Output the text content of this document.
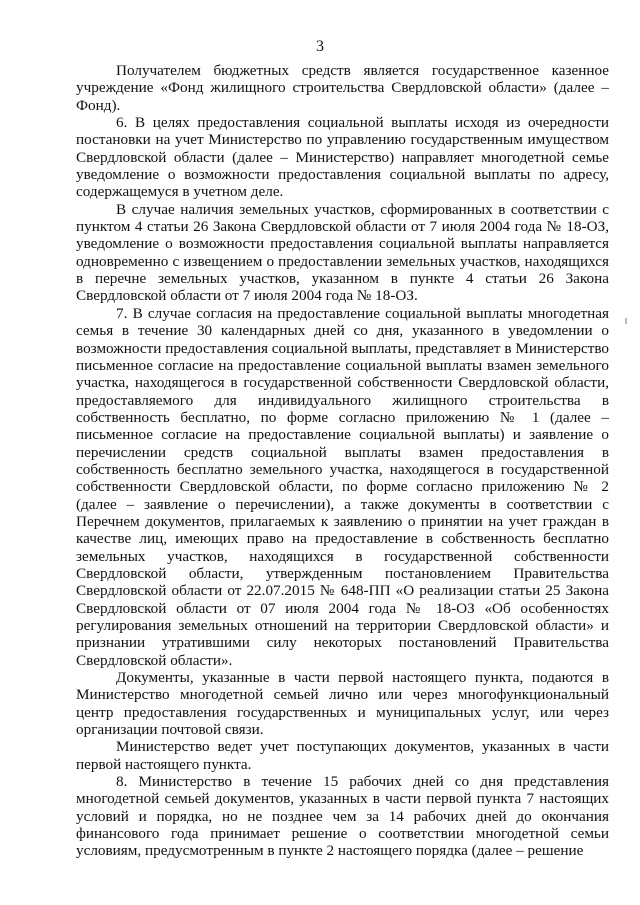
3

Получателем бюджетных средств является государственное казенное учреждение «Фонд жилищного строительства Свердловской области» (далее – Фонд).

6. В целях предоставления социальной выплаты исходя из очередности постановки на учет Министерство по управлению государственным имуществом Свердловской области (далее – Министерство) направляет многодетной семье уведомление о возможности предоставления социальной выплаты по адресу, содержащемуся в учетном деле.

В случае наличия земельных участков, сформированных в соответствии с пунктом 4 статьи 26 Закона Свердловской области от 7 июля 2004 года № 18-ОЗ, уведомление о возможности предоставления социальной выплаты направляется одновременно с извещением о предоставлении земельных участков, находящихся в перечне земельных участков, указанном в пункте 4 статьи 26 Закона Свердловской области от 7 июля 2004 года № 18-ОЗ.

7. В случае согласия на предоставление социальной выплаты многодетная семья в течение 30 календарных дней со дня, указанного в уведомлении о возможности предоставления социальной выплаты, представляет в Министерство письменное согласие на предоставление социальной выплаты взамен земельного участка, находящегося в государственной собственности Свердловской области, предоставляемого для индивидуального жилищного строительства в собственность бесплатно, по форме согласно приложению № 1 (далее – письменное согласие на предоставление социальной выплаты) и заявление о перечислении средств социальной выплаты взамен предоставления в собственность бесплатно земельного участка, находящегося в государственной собственности Свердловской области, по форме согласно приложению № 2 (далее – заявление о перечислении), а также документы в соответствии с Перечнем документов, прилагаемых к заявлению о принятии на учет граждан в качестве лиц, имеющих право на предоставление в собственность бесплатно земельных участков, находящихся в государственной собственности Свердловской области, утвержденным постановлением Правительства Свердловской области от 22.07.2015 № 648-ПП «О реализации статьи 25 Закона Свердловской области от 07 июля 2004 года № 18-ОЗ «Об особенностях регулирования земельных отношений на территории Свердловской области» и признании утратившими силу некоторых постановлений Правительства Свердловской области».

Документы, указанные в части первой настоящего пункта, подаются в Министерство многодетной семьей лично или через многофункциональный центр предоставления государственных и муниципальных услуг, или через организации почтовой связи.

Министерство ведет учет поступающих документов, указанных в части первой настоящего пункта.

8. Министерство в течение 15 рабочих дней со дня представления многодетной семьей документов, указанных в части первой пункта 7 настоящих условий и порядка, но не позднее чем за 14 рабочих дней до окончания финансового года принимает решение о соответствии многодетной семьи условиям, предусмотренным в пункте 2 настоящего порядка (далее – решение
